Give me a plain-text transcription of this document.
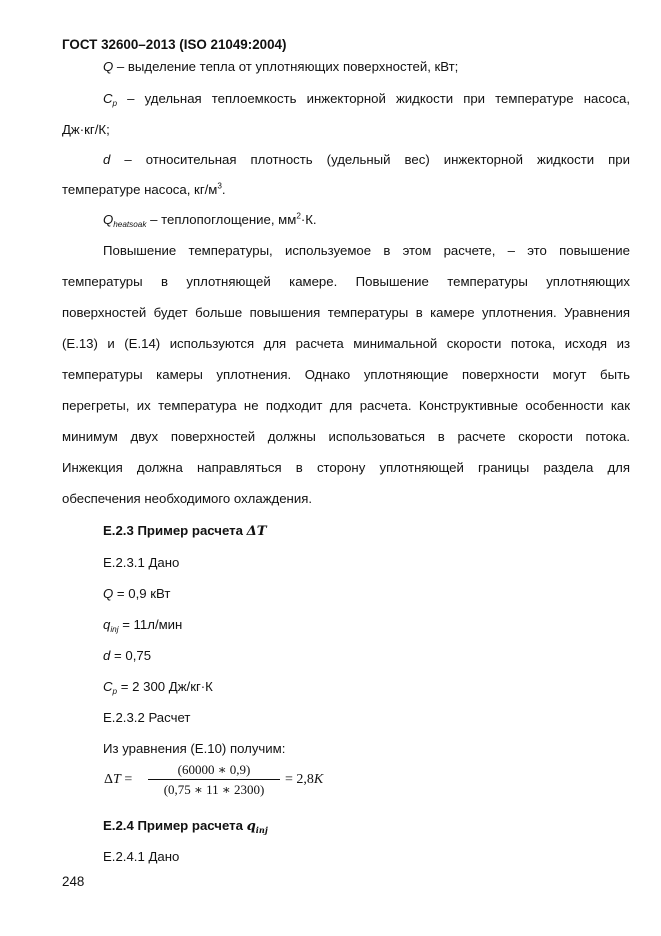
ГОСТ 32600–2013 (ISO 21049:2004)
Q – выделение тепла от уплотняющих поверхностей, кВт;
$C_p$ – удельная теплоемкость инжекторной жидкости при температуре насоса,
Дж·кг/К;
d – относительная плотность (удельный вес) инжекторной жидкости при
температуре насоса, $кг/м^3$.
$Q_{heatsoak}$ – теплопоглощение, $мм^2\cdot К$.
Повышение температуры, используемое в этом расчете, – это повышение
температуры в уплотняющей камере. Повышение температуры уплотняющих
поверхностей будет больше повышения температуры в камере уплотнения. Уравнения
(Е.13) и (Е.14) используются для расчета минимальной скорости потока, исходя из
температуры камеры уплотнения. Однако уплотняющие поверхности могут быть
перегреты, их температура не подходит для расчета. Конструктивные особенности как
минимум двух поверхностей должны использоваться в расчете скорости потока.
Инжекция должна направляться в сторону уплотняющей границы раздела для
обеспечения необходимого охлаждения.
Е.2.3 Пример расчета ΔT
Е.2.3.1 Дано
Q = 0,9 кВт
$q_{inj} = 11л/мин$
d = 0,75
$C_p = 2$ 300 Дж/кг·К
Е.2.3.2 Расчет
Из уравнения (Е.10) получим:
ΔT =
(60000 ∗ 0,9)
(0,75 ∗ 11 ∗ 2300)
= 2,8K
Е.2.4 Пример расчета $q_{inj}$
Е.2.4.1 Дано
248
